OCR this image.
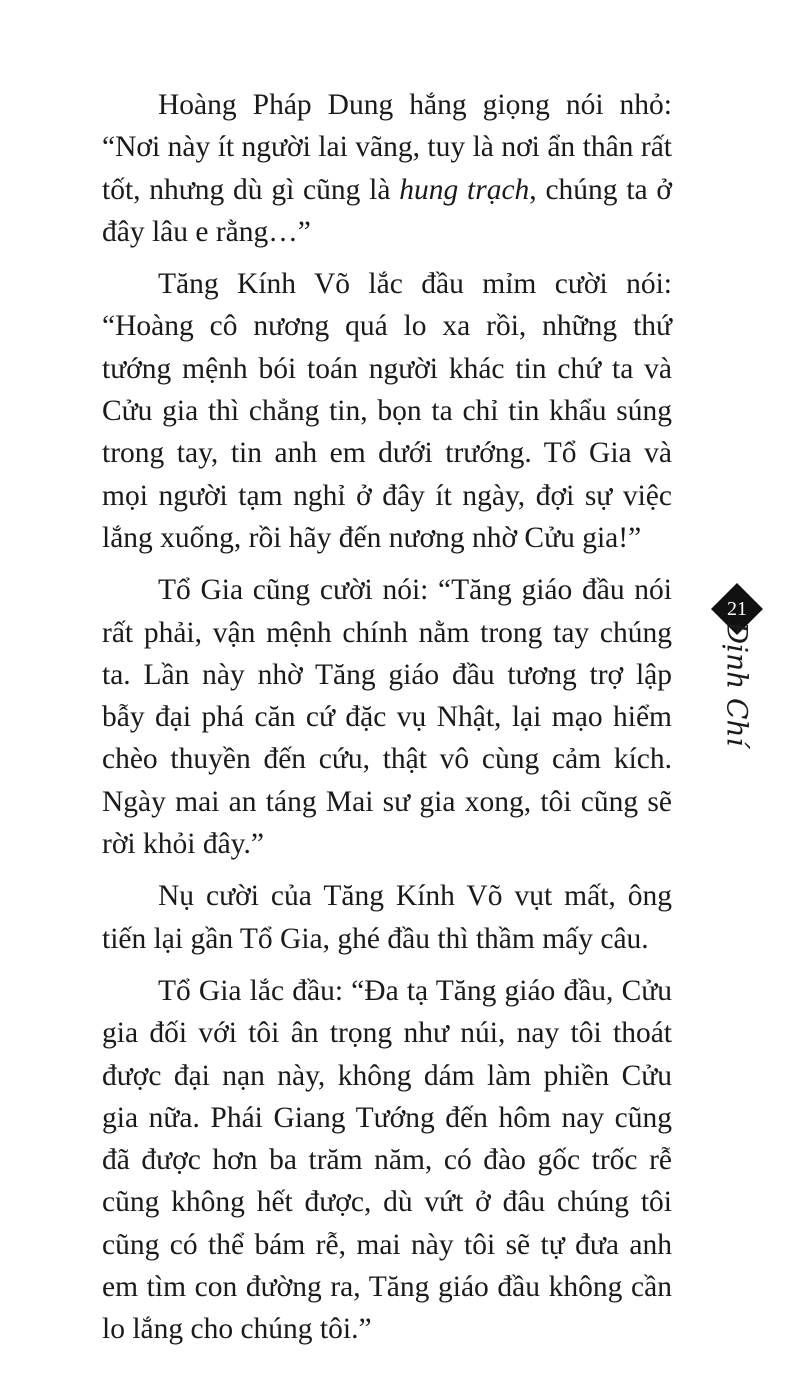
Hoàng Pháp Dung hắng giọng nói nhỏ: “Nơi này ít người lai vãng, tuy là nơi ẩn thân rất tốt, nhưng dù gì cũng là hung trạch, chúng ta ở đây lâu e rằng…”

Tăng Kính Võ lắc đầu mỉm cười nói: “Hoàng cô nương quá lo xa rồi, những thứ tướng mệnh bói toán người khác tin chứ ta và Cửu gia thì chẳng tin, bọn ta chỉ tin khẩu súng trong tay, tin anh em dưới trướng. Tổ Gia và mọi người tạm nghỉ ở đây ít ngày, đợi sự việc lắng xuống, rồi hãy đến nương nhờ Cửu gia!”

Tổ Gia cũng cười nói: “Tăng giáo đầu nói rất phải, vận mệnh chính nằm trong tay chúng ta. Lần này nhờ Tăng giáo đầu tương trợ lập bẫy đại phá căn cứ đặc vụ Nhật, lại mạo hiểm chèo thuyền đến cứu, thật vô cùng cảm kích. Ngày mai an táng Mai sư gia xong, tôi cũng sẽ rời khỏi đây.”

Nụ cười của Tăng Kính Võ vụt mất, ông tiến lại gần Tổ Gia, ghé đầu thì thầm mấy câu.

Tổ Gia lắc đầu: “Đa tạ Tăng giáo đầu, Cửu gia đối với tôi ân trọng như núi, nay tôi thoát được đại nạn này, không dám làm phiền Cửu gia nữa. Phái Giang Tướng đến hôm nay cũng đã được hơn ba trăm năm, có đào gốc trốc rễ cũng không hết được, dù vứt ở đâu chúng tôi cũng có thể bám rễ, mai này tôi sẽ tự đưa anh em tìm con đường ra, Tăng giáo đầu không cần lo lắng cho chúng tôi.”

21
Định Chí
